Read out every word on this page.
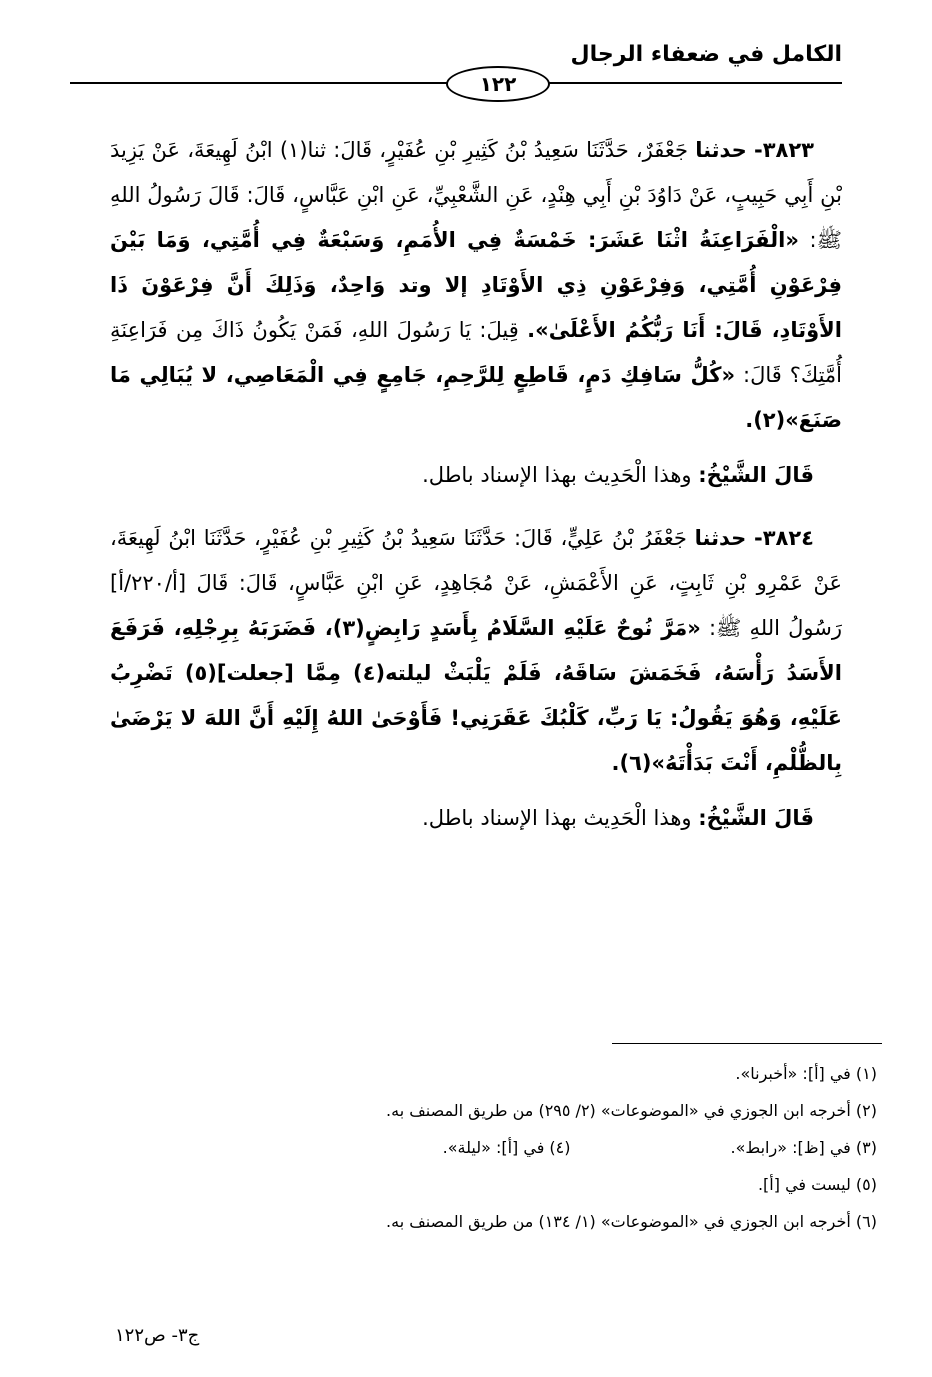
الكامل في ضعفاء الرجال
١٢٢

٣٨٢٣- حدثنا جَعْفَرٌ، حَدَّثَنَا سَعِيدُ بْنُ كَثِيرِ بْنِ عُفَيْرٍ، قَالَ: ثنا(١) ابْنُ لَهِيعَةَ، عَنْ يَزِيدَ بْنِ أَبِي حَبِيبٍ، عَنْ دَاوُدَ بْنِ أَبِي هِنْدٍ، عَنِ الشَّعْبِيِّ، عَنِ ابْنِ عَبَّاسٍ، قَالَ: قَالَ رَسُولُ اللهِ ﷺ: «الْفَرَاعِنَةُ اثْنَا عَشَرَ: خَمْسَةٌ فِي الأُمَمِ، وَسَبْعَةٌ فِي أُمَّتِي، وَمَا بَيْنَ فِرْعَوْنِ أُمَّتِي، وَفِرْعَوْنِ ذِي الأَوْتَادِ إلا وتد وَاحِدٌ، وَذَلِكَ أَنَّ فِرْعَوْنَ ذَا الأَوْتَادِ، قَالَ: أَنَا رَبُّكُمُ الأَعْلَىٰ». قِيلَ: يَا رَسُولَ اللهِ، فَمَنْ يَكُونُ ذَاكَ مِن فَرَاعِنَةِ أُمَّتِكَ؟ قَالَ: «كُلُّ سَافِكِ دَمٍ، قَاطِعٍ لِلرَّحِمِ، جَامِعٍ فِي الْمَعَاصِي، لا يُبَالِي مَا صَنَعَ»(٢).

قَالَ الشَّيْخُ: وهذا الْحَدِيث بهذا الإسناد باطل.

٣٨٢٤- حدثنا جَعْفَرُ بْنُ عَلِيٍّ، قَالَ: حَدَّثَنَا سَعِيدُ بْنُ كَثِيرِ بْنِ عُفَيْرٍ، حَدَّثَنَا ابْنُ لَهِيعَةَ، عَنْ عَمْرِو بْنِ ثَابِتٍ، عَنِ الأَعْمَشِ، عَنْ مُجَاهِدٍ، عَنِ ابْنِ عَبَّاسٍ، قَالَ: قَالَ [أ/٢٢٠/أ] رَسُولُ اللهِ ﷺ: «مَرَّ نُوحٌ عَلَيْهِ السَّلَامُ بِأَسَدٍ رَابِضٍ(٣)، فَضَرَبَهُ بِرِجْلِهِ، فَرَفَعَ الأَسَدُ رَأْسَهُ، فَخَمَشَ سَاقَهُ، فَلَمْ يَلْبَثْ ليلته(٤) مِمَّا [جعلت](٥) تَضْرِبُ عَلَيْهِ، وَهُوَ يَقُولُ: يَا رَبِّ، كَلْبُكَ عَقَرَنِي! فَأَوْحَىٰ اللهُ إِلَيْهِ أَنَّ اللهَ لا يَرْضَىٰ بِالظُّلْمِ، أَنْتَ بَدَأْتَهُ»(٦).

قَالَ الشَّيْخُ: وهذا الْحَدِيث بهذا الإسناد باطل.

(١) في [أ]: «أخبرنا».
(٢) أخرجه ابن الجوزي في «الموضوعات» (٢/ ٢٩٥) من طريق المصنف به.
(٣) في [ظ]: «رابط».
(٤) في [أ]: «ليلة».
(٥) ليست في [أ].
(٦) أخرجه ابن الجوزي في «الموضوعات» (١/ ١٣٤) من طريق المصنف به.
ج٣- ص١٢٢
